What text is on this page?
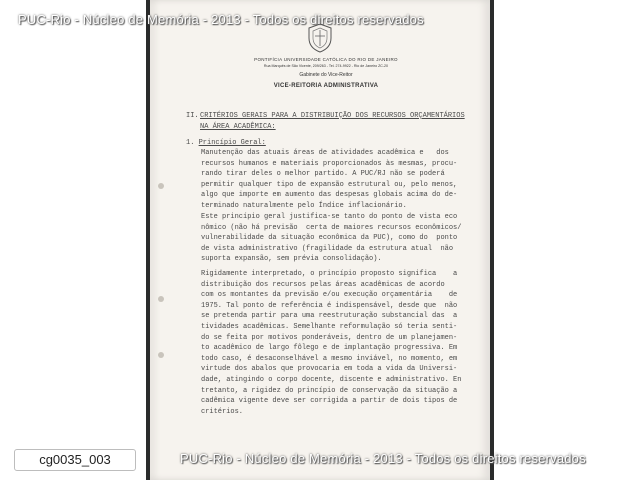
PONTIFÍCIA UNIVERSIDADE CATÓLICA DO RIO DE JANEIRO
Rua Marquês de São Vicente, 209/263 - Tel. 274-9922 - Rio de Janeiro ZC-20
Gabinete do Vice-Reitor
VICE-REITORIA ADMINISTRATIVA
II. CRITÉRIOS GERAIS PARA A DISTRIBUIÇÃO DOS RECURSOS ORÇAMENTÁRIOS
NA ÁREA ACADÊMICA:
1. Princípio Geral:
Manutenção das atuais áreas de atividades acadêmica e   dos
recursos humanos e materiais proporcionados às mesmas, procu-
rando tirar deles o melhor partido. A PUC/RJ não se poderá
permitir qualquer tipo de expansão estrutural ou, pelo menos,
algo que importe em aumento das despesas globais acima do de-
terminado naturalmente pelo Índice inflacionário.
Este princípio geral justifica-se tanto do ponto de vista eco
nômico (não há previsão  certa de maiores recursos econômicos/
vulnerabilidade da situação econômica da PUC), como do  ponto
de vista administrativo (fragilidade da estrutura atual  não
suporta expansão, sem prévia consolidação).
Rigidamente interpretado, o princípio proposto significa    a
distribuição dos recursos pelas áreas acadêmicas de acordo
com os montantes da previsão e/ou execução orçamentária    de
1975. Tal ponto de referência é indispensável, desde que  não
se pretenda partir para uma reestruturação substancial das  a
tividades acadêmicas. Semelhante reformulação só teria senti-
do se feita por motivos ponderáveis, dentro de um planejamen-
to acadêmico de largo fôlego e de implantação progressiva. Em
todo caso, é desaconselhável a mesmo inviável, no momento, em
virtude dos abalos que provocaria em toda a vida da Universi-
dade, atingindo o corpo docente, discente e administrativo. En
tretanto, a rigidez do princípio de conservação da situação a
cadêmica vigente deve ser corrigida a partir de dois tipos de
critérios.
PUC-Rio - Núcleo de Memória - 2013 - Todos os direitos reservados
PUC-Rio - Núcleo de Memória - 2013 - Todos os direitos reservados
cg0035_003
